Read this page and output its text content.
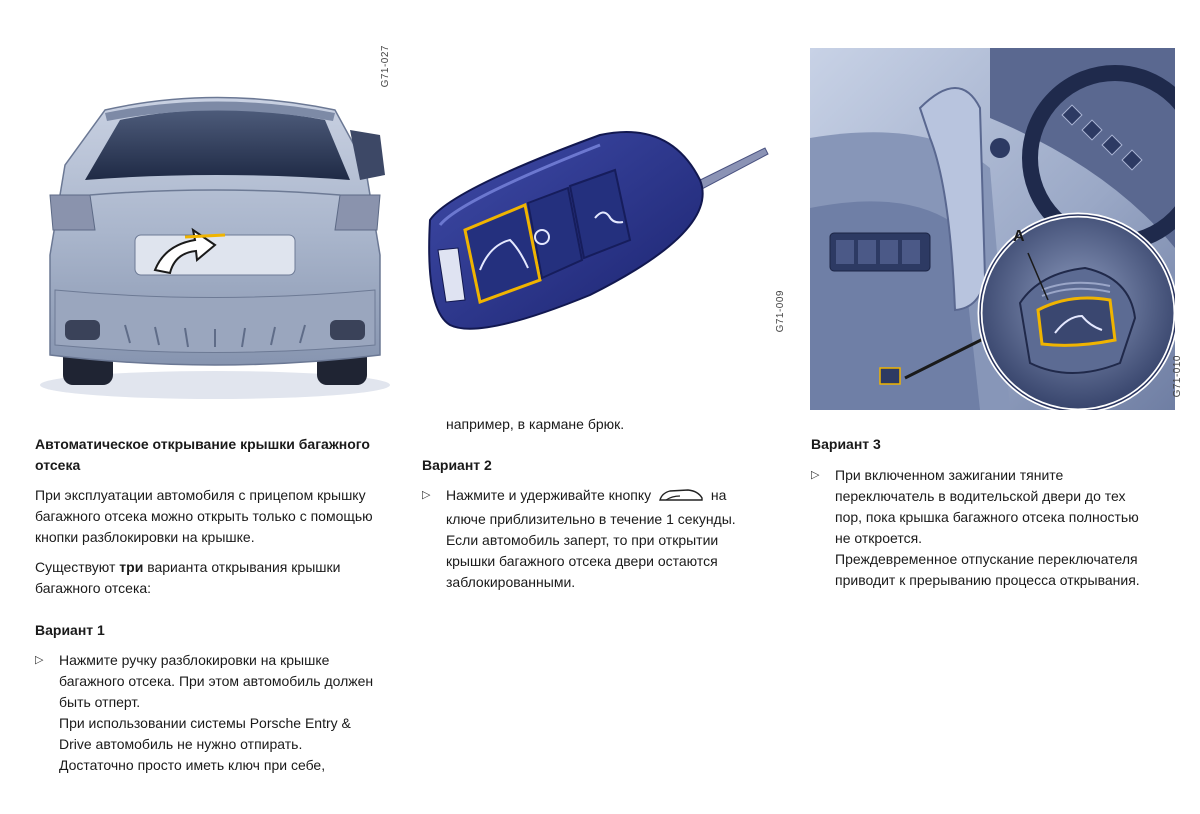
G71-027
G71-009
A
G71-010
Автоматическое открывание крышки багажного отсека
При эксплуатации автомобиля с прицепом крышку багажного отсека можно открыть только с помощью кнопки разблокировки на крышке.
Существуют три варианта открывания крышки багажного отсека:
Вариант 1
▷ Нажмите ручку разблокировки на крышке
багажного отсека. При этом автомобиль должен
быть отперт.
При использовании системы Porsche Entry &
Drive автомобиль не нужно отпирать.
Достаточно просто иметь ключ при себе,
например, в кармане брюк.
Вариант 2
▷ Нажмите и удерживайте кнопку	на
ключе приблизительно в течение 1 секунды.
Если автомобиль заперт, то при открытии
крышки багажного отсека двери остаются
заблокированными.
Вариант 3
▷ При включенном зажигании тяните
переключатель в водительской двери до тех
пор, пока крышка багажного отсека полностью
не откроется.
Преждевременное отпускание переключателя
приводит к прерыванию процесса открывания.
